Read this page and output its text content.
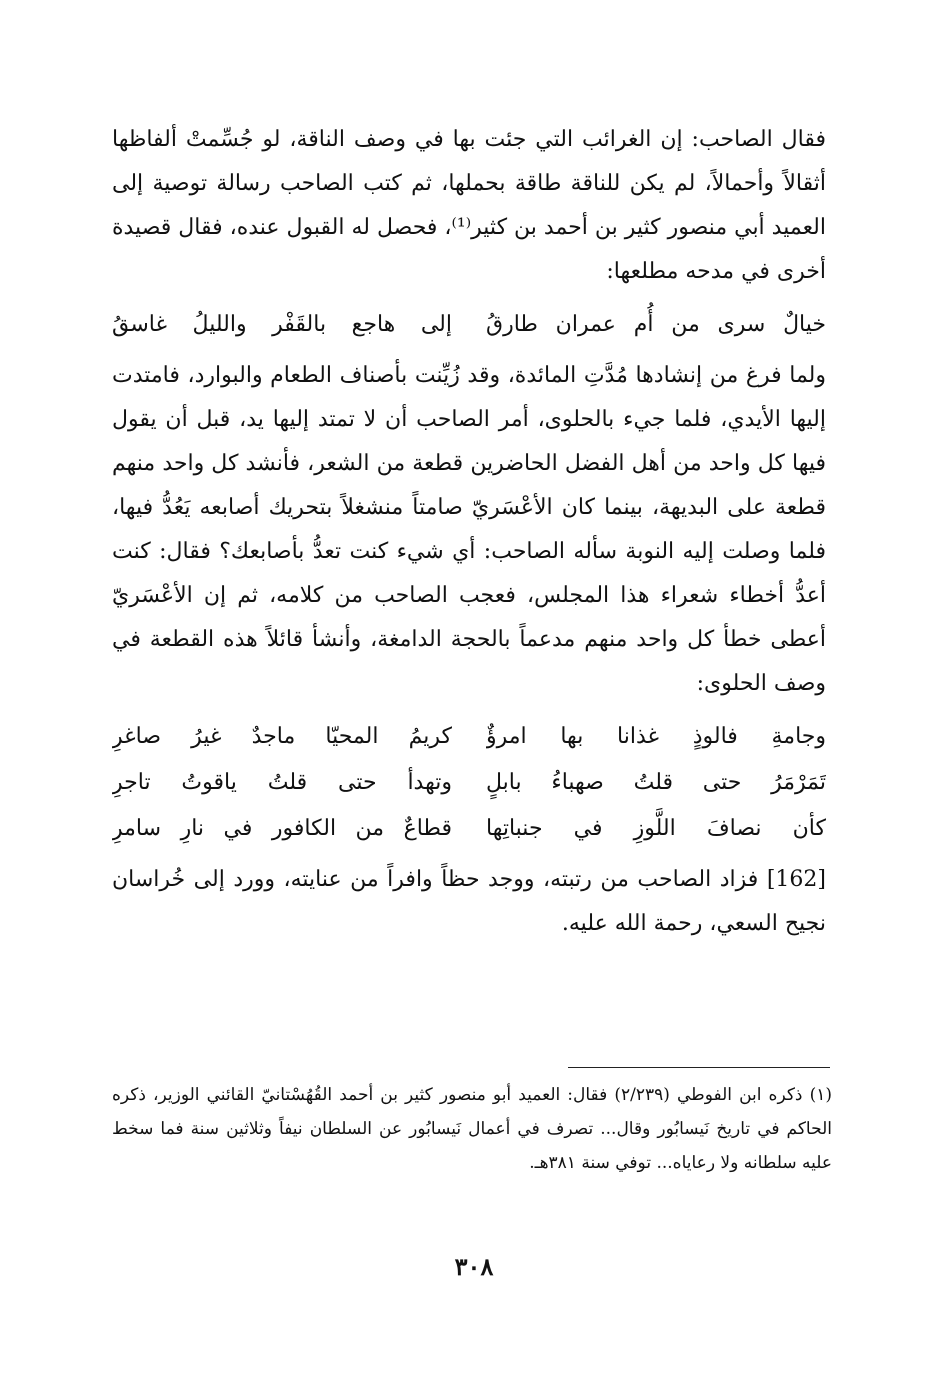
فقال الصاحب: إن الغرائب التي جئت بها في وصف الناقة، لو جُسِّمتْ ألفاظها أثقالاً وأحمالاً، لم يكن للناقة طاقة بحملها، ثم كتب الصاحب رسالة توصية إلى العميد أبي منصور كثير بن أحمد بن كثير⁽¹⁾، فحصل له القبول عنده، فقال قصيدة أخرى في مدحه مطلعها:

خيالٌ سرى من أُم عمران طارقُ
إلى هاجع بالقَفْر والليلُ غاسقُ

ولما فرغ من إنشادها مُدَّتِ المائدة، وقد زُيِّنت بأصناف الطعام والبوارد، فامتدت إليها الأيدي، فلما جيء بالحلوى، أمر الصاحب أن لا تمتد إليها يد، قبل أن يقول فيها كل واحد من أهل الفضل الحاضرين قطعة من الشعر، فأنشد كل واحد منهم قطعة على البديهة، بينما كان الأعْسَريّ صامتاً منشغلاً بتحريك أصابعه يَعُدُّ فيها، فلما وصلت إليه النوبة سأله الصاحب: أي شيء كنت تعدُّ بأصابعك؟ فقال: كنت أعدُّ أخطاء شعراء هذا المجلس، فعجب الصاحب من كلامه، ثم إن الأعْسَريّ أعطى خطأ كل واحد منهم مدعماً بالحجة الدامغة، وأنشأ قائلاً هذه القطعة في وصف الحلوى:

وجامةِ فالوذٍ غذانا بها امرؤٌ
كريمُ المحيّا ماجدٌ غيرُ صاغرِ
تَمَرْمَرُ حتى قلتُ صهباءُ بابلٍ
وتهدأ حتى قلتُ ياقوتُ تاجرِ
كأن نصافَ اللَّوزِ في جنباتِها
قطاعٌ من الكافور في نارِ سامرِ

[162] فزاد الصاحب من رتبته، ووجد حظاً وافراً من عنايته، وورد إلى خُراسان نجيح السعي، رحمة الله عليه.

(١) ذكره ابن الفوطي (٢/٢٣٩) فقال: العميد أبو منصور كثير بن أحمد القُهُسْتانيّ القائني الوزير، ذكره الحاكم في تاريخ نَيسابُور وقال... تصرف في أعمال نَيسابُور عن السلطان نيفاً وثلاثين سنة فما سخط عليه سلطانه ولا رعاياه... توفي سنة ٣٨١هـ.

٣٠٨
